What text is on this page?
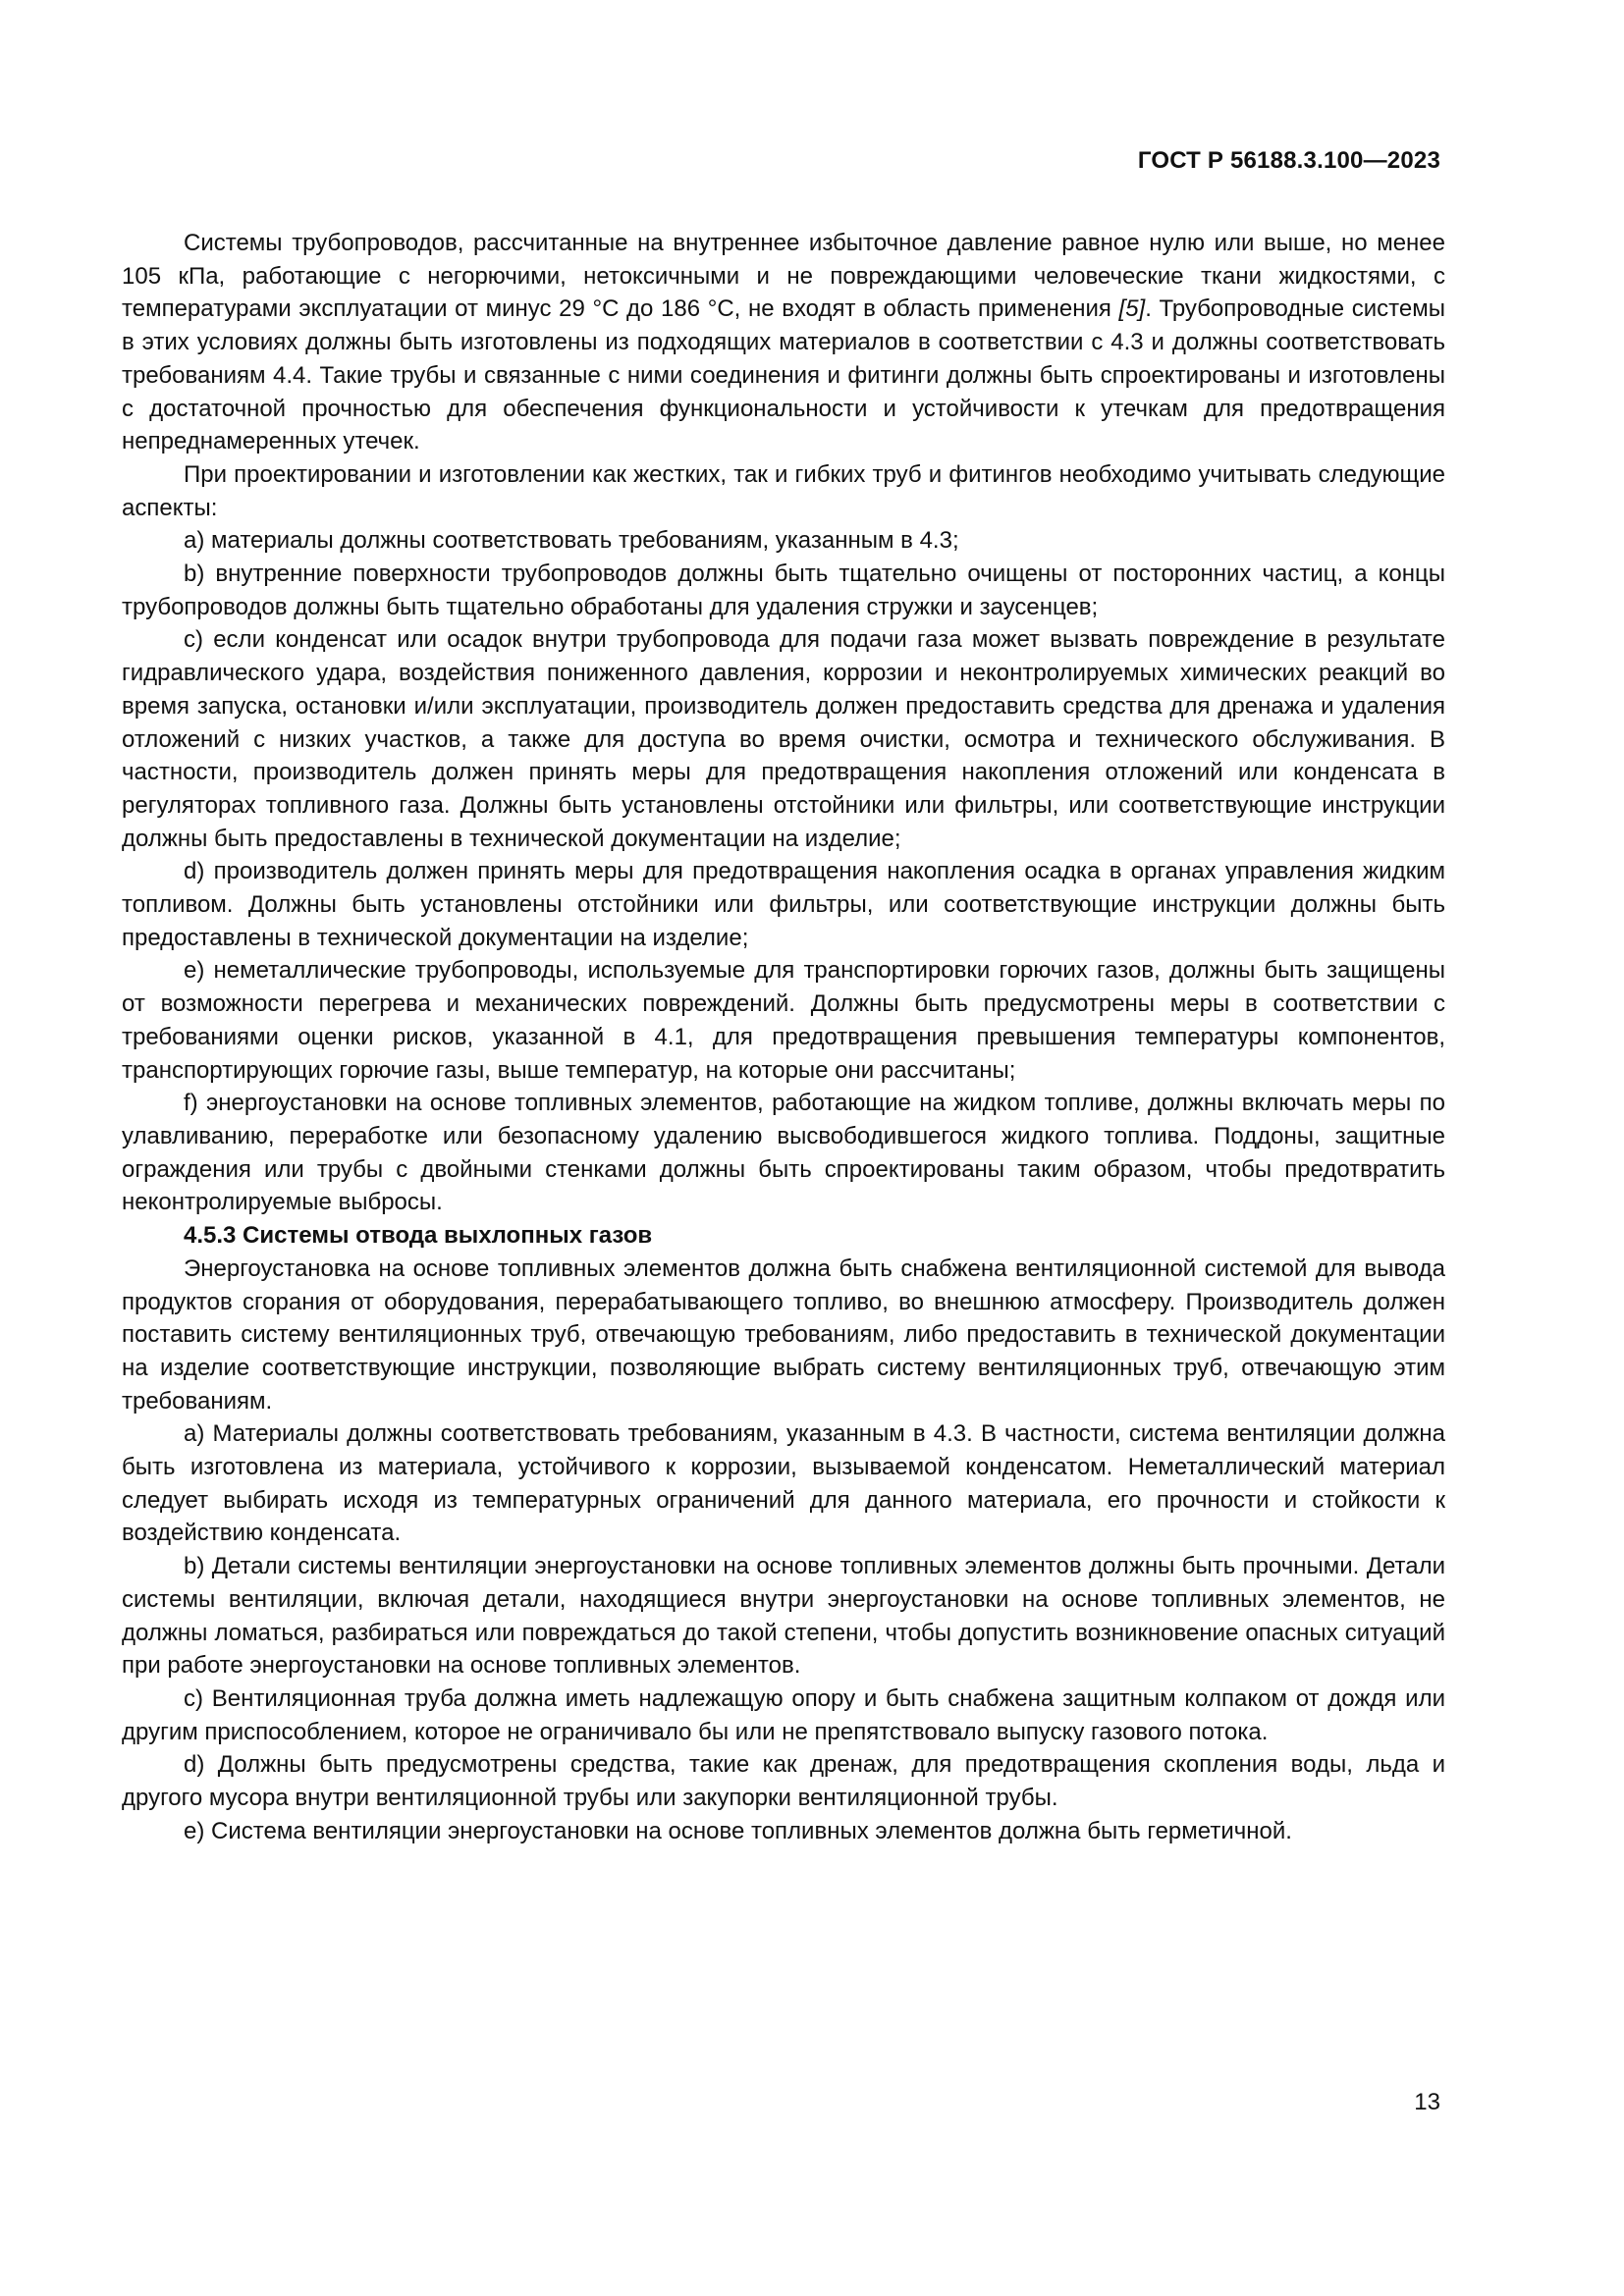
ГОСТ Р 56188.3.100—2023

Системы трубопроводов, рассчитанные на внутреннее избыточное давление равное нулю или выше, но менее 105 кПа, работающие с негорючими, нетоксичными и не повреждающими человеческие ткани жидкостями, с температурами эксплуатации от минус 29 °C до 186 °C, не входят в область применения [5]. Трубопроводные системы в этих условиях должны быть изготовлены из подходящих материалов в соответствии с 4.3 и должны соответствовать требованиям 4.4. Такие трубы и связанные с ними соединения и фитинги должны быть спроектированы и изготовлены с достаточной прочностью для обеспечения функциональности и устойчивости к утечкам для предотвращения непреднамеренных утечек.

При проектировании и изготовлении как жестких, так и гибких труб и фитингов необходимо учитывать следующие аспекты:

a) материалы должны соответствовать требованиям, указанным в 4.3;

b) внутренние поверхности трубопроводов должны быть тщательно очищены от посторонних частиц, а концы трубопроводов должны быть тщательно обработаны для удаления стружки и заусенцев;

c) если конденсат или осадок внутри трубопровода для подачи газа может вызвать повреждение в результате гидравлического удара, воздействия пониженного давления, коррозии и неконтролируемых химических реакций во время запуска, остановки и/или эксплуатации, производитель должен предоставить средства для дренажа и удаления отложений с низких участков, а также для доступа во время очистки, осмотра и технического обслуживания. В частности, производитель должен принять меры для предотвращения накопления отложений или конденсата в регуляторах топливного газа. Должны быть установлены отстойники или фильтры, или соответствующие инструкции должны быть предоставлены в технической документации на изделие;

d) производитель должен принять меры для предотвращения накопления осадка в органах управления жидким топливом. Должны быть установлены отстойники или фильтры, или соответствующие инструкции должны быть предоставлены в технической документации на изделие;

e) неметаллические трубопроводы, используемые для транспортировки горючих газов, должны быть защищены от возможности перегрева и механических повреждений. Должны быть предусмотрены меры в соответствии с требованиями оценки рисков, указанной в 4.1, для предотвращения превышения температуры компонентов, транспортирующих горючие газы, выше температур, на которые они рассчитаны;

f) энергоустановки на основе топливных элементов, работающие на жидком топливе, должны включать меры по улавливанию, переработке или безопасному удалению высвободившегося жидкого топлива. Поддоны, защитные ограждения или трубы с двойными стенками должны быть спроектированы таким образом, чтобы предотвратить неконтролируемые выбросы.

4.5.3 Системы отвода выхлопных газов

Энергоустановка на основе топливных элементов должна быть снабжена вентиляционной системой для вывода продуктов сгорания от оборудования, перерабатывающего топливо, во внешнюю атмосферу. Производитель должен поставить систему вентиляционных труб, отвечающую требованиям, либо предоставить в технической документации на изделие соответствующие инструкции, позволяющие выбрать систему вентиляционных труб, отвечающую этим требованиям.

a) Материалы должны соответствовать требованиям, указанным в 4.3. В частности, система вентиляции должна быть изготовлена из материала, устойчивого к коррозии, вызываемой конденсатом. Неметаллический материал следует выбирать исходя из температурных ограничений для данного материала, его прочности и стойкости к воздействию конденсата.

b) Детали системы вентиляции энергоустановки на основе топливных элементов должны быть прочными. Детали системы вентиляции, включая детали, находящиеся внутри энергоустановки на основе топливных элементов, не должны ломаться, разбираться или повреждаться до такой степени, чтобы допустить возникновение опасных ситуаций при работе энергоустановки на основе топливных элементов.

c) Вентиляционная труба должна иметь надлежащую опору и быть снабжена защитным колпаком от дождя или другим приспособлением, которое не ограничивало бы или не препятствовало выпуску газового потока.

d) Должны быть предусмотрены средства, такие как дренаж, для предотвращения скопления воды, льда и другого мусора внутри вентиляционной трубы или закупорки вентиляционной трубы.

e) Система вентиляции энергоустановки на основе топливных элементов должна быть герметичной.

13
